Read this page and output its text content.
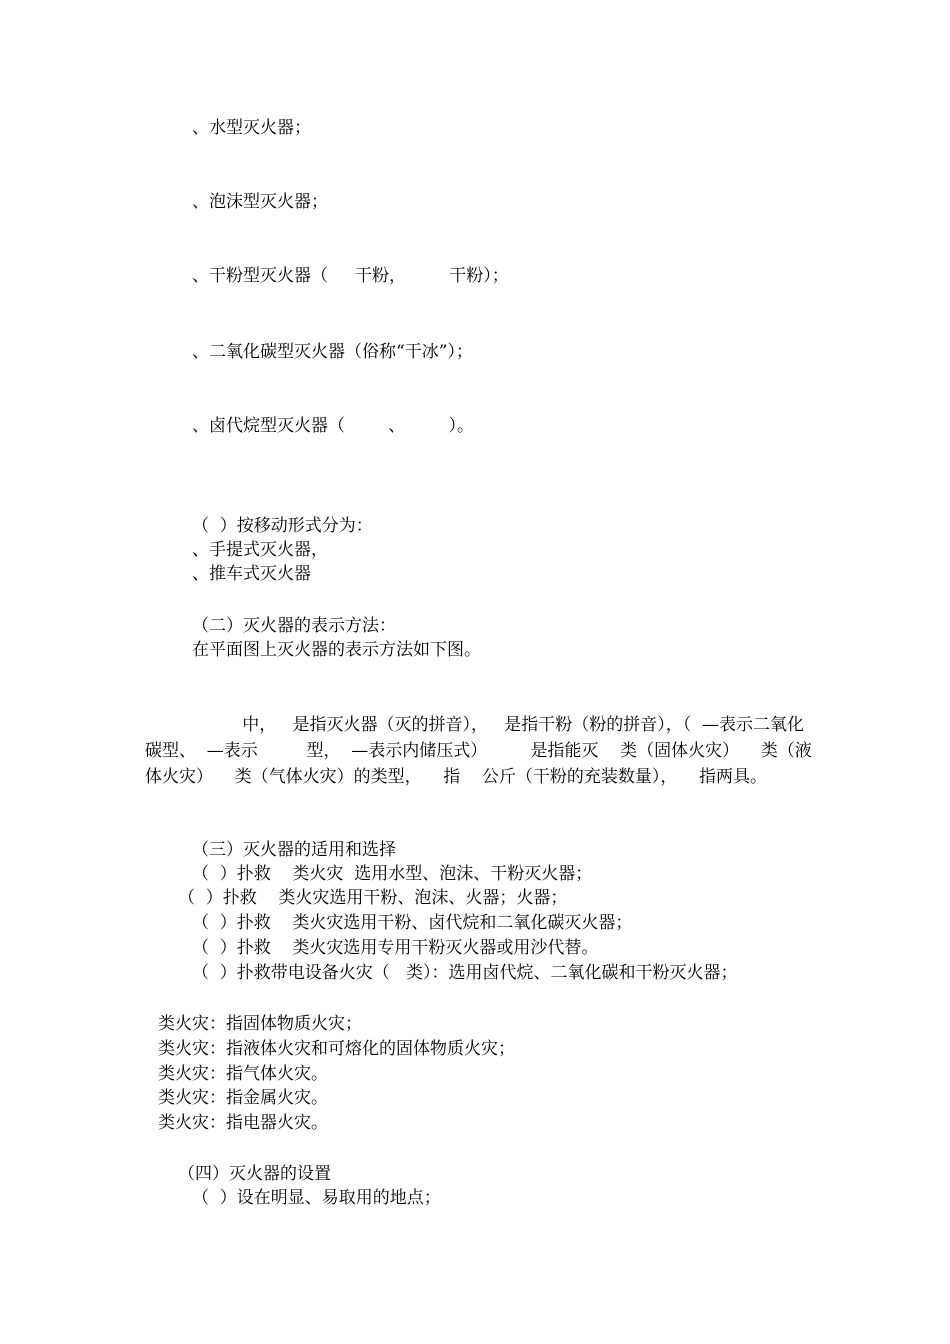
、水型灭火器；
、泡沫型灭火器；
、干粉型灭火器（     干粉，        干粉）；
、二氧化碳型灭火器（俗称“干冰”）；
、卤代烷型灭火器（        、        ）。
（  ）按移动形式分为：
、手提式灭火器，
、推车式灭火器
（二）灭火器的表示方法：
在平面图上灭火器的表示方法如下图。
中，   是指灭火器（灭的拼音），   是指干粉（粉的拼音），（  —表示二氧化碳型、  —表示         型，  —表示内储压式）        是指能灭    类（固体火灾）    类（液体火灾）    类（气体火灾）的类型，    指    公斤（干粉的充装数量），    指两具。
（三）灭火器的适用和选择
（  ）扑救    类火灾  选用水型、泡沫、干粉灭火器；
（  ）扑救    类火灾选用干粉、泡沫、火器；火器；
（  ）扑救    类火灾选用干粉、卤代烷和二氧化碳灭火器；
（  ）扑救    类火灾选用专用干粉灭火器或用沙代替。
（  ）扑救带电设备火灾（   类）：选用卤代烷、二氧化碳和干粉灭火器；
类火灾：指固体物质火灾；
类火灾：指液体火灾和可熔化的固体物质火灾；
类火灾：指气体火灾。
类火灾：指金属火灾。
类火灾：指电器火灾。
（四）灭火器的设置
（  ）设在明显、易取用的地点；
